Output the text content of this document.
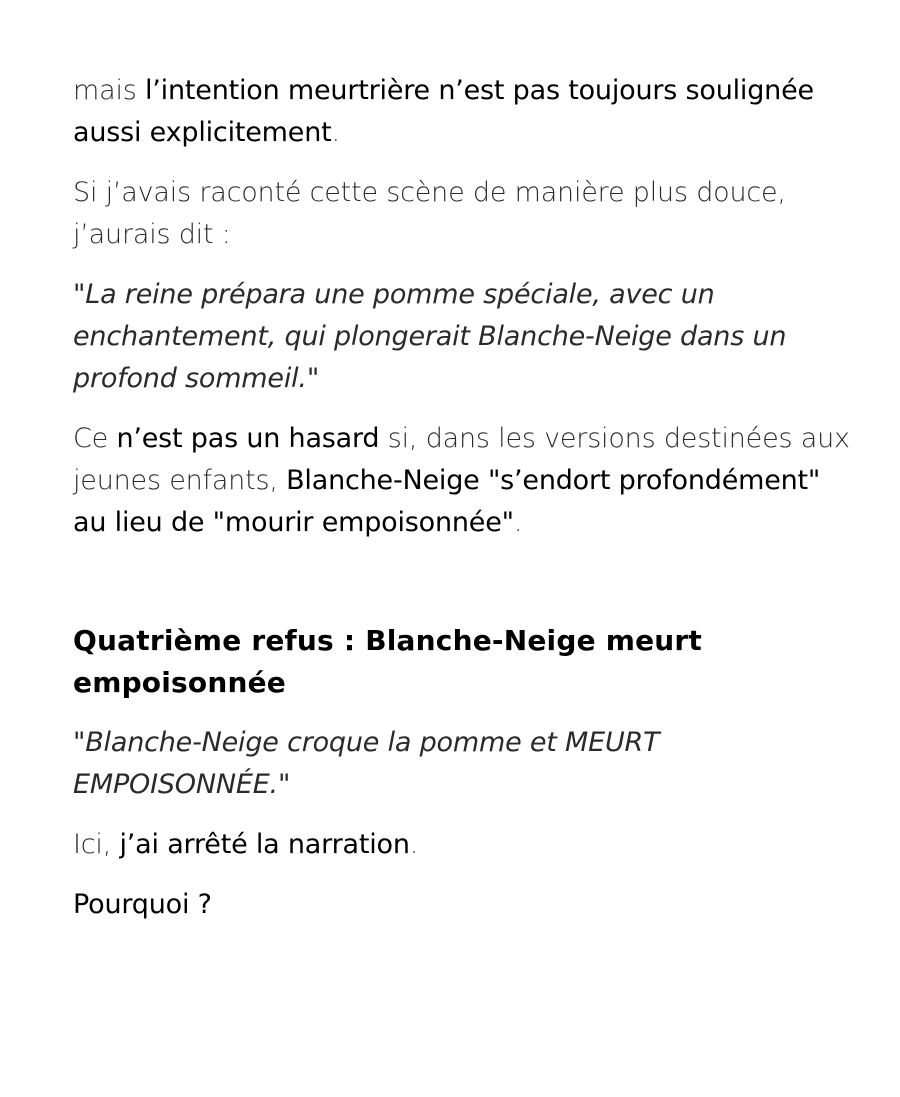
mais l’intention meurtrière n’est pas toujours soulignée aussi explicitement.

Si j’avais raconté cette scène de manière plus douce, j’aurais dit :

"La reine prépara une pomme spéciale, avec un enchantement, qui plongerait Blanche-Neige dans un profond sommeil."

Ce n’est pas un hasard si, dans les versions destinées aux jeunes enfants, Blanche-Neige "s’endort profondément" au lieu de "mourir empoisonnée".

Quatrième refus : Blanche-Neige meurt empoisonnée

"Blanche-Neige croque la pomme et MEURT EMPOISONNÉE."

Ici, j’ai arrêté la narration.

Pourquoi ?
